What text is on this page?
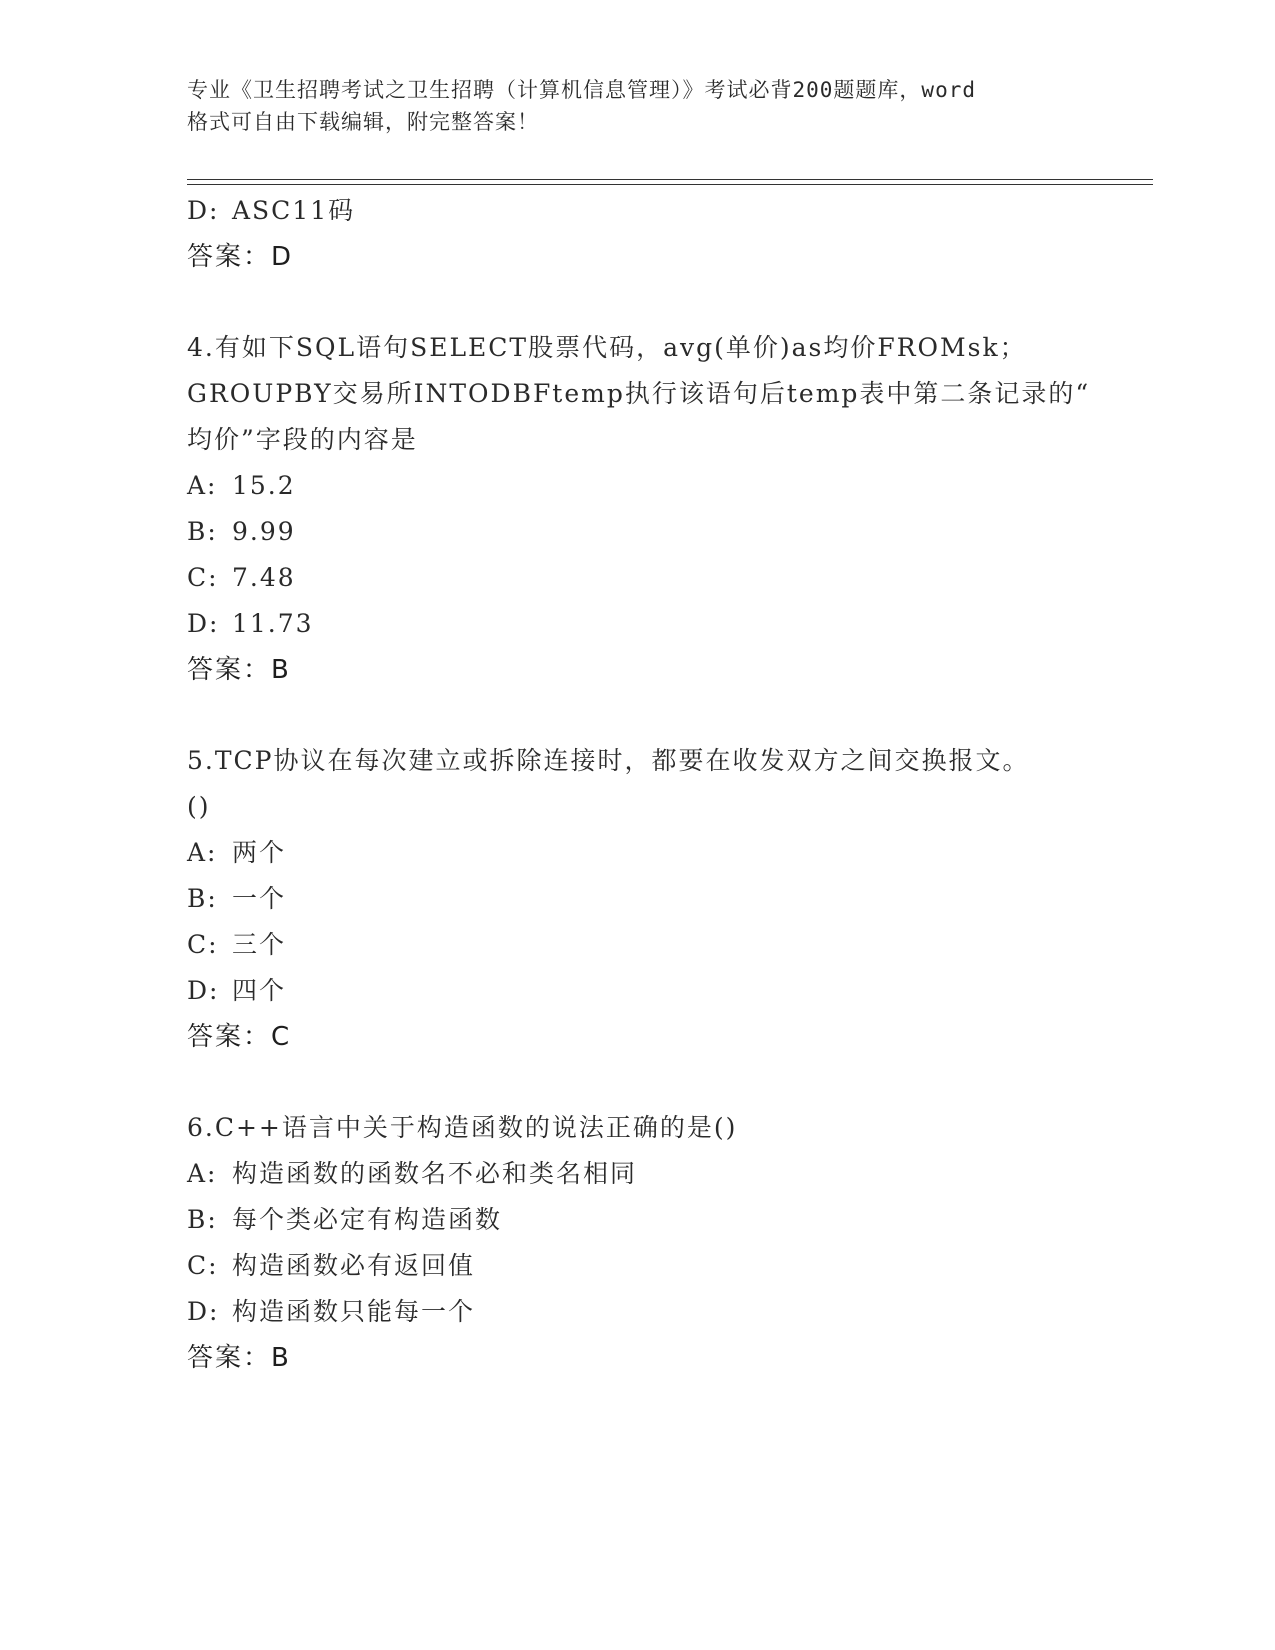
专业《卫生招聘考试之卫生招聘（计算机信息管理）》考试必背200题题库，word
格式可自由下载编辑，附完整答案！
D: ASC11码
答案：D
4.有如下SQL语句SELECT股票代码，avg(单价)as均价FROMsk；
GROUPBY交易所INTODBFtemp执行该语句后temp表中第二条记录的“
均价”字段的内容是
A: 15.2
B: 9.99
C: 7.48
D: 11.73
答案：B
5.TCP协议在每次建立或拆除连接时，都要在收发双方之间交换报文。
()
A: 两个
B: 一个
C: 三个
D: 四个
答案：C
6.C++语言中关于构造函数的说法正确的是()
A: 构造函数的函数名不必和类名相同
B: 每个类必定有构造函数
C: 构造函数必有返回值
D: 构造函数只能每一个
答案：B
